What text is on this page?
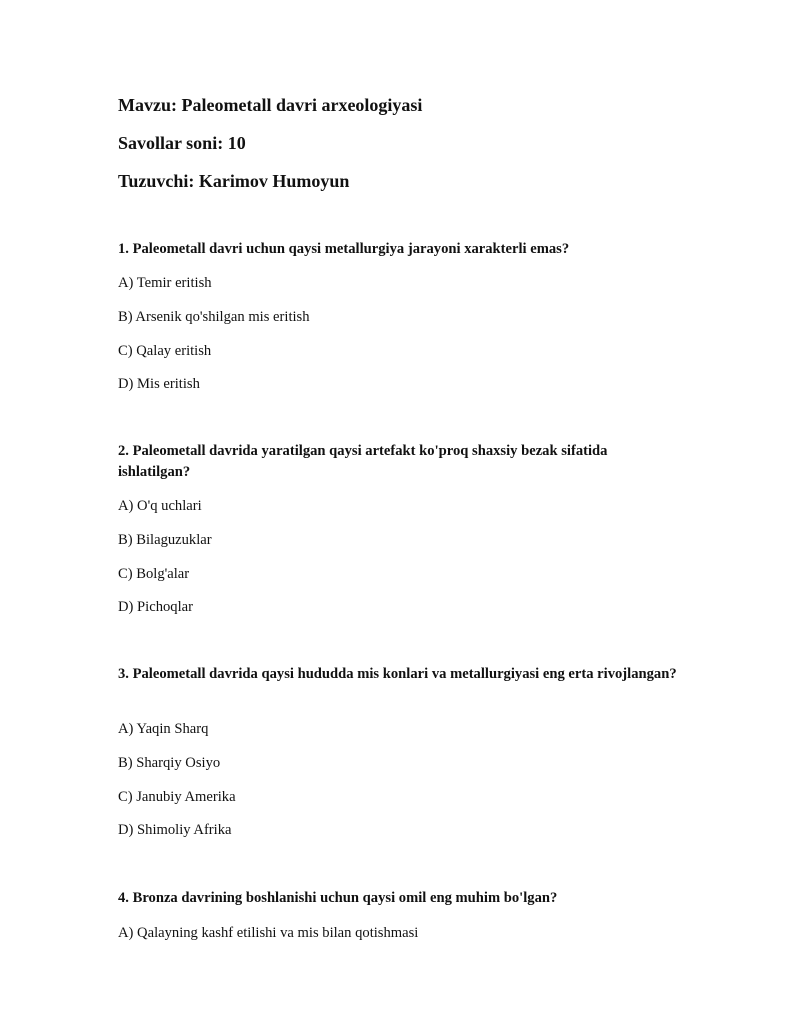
Mavzu: Paleometall davri arxeologiyasi

Savollar soni: 10

Tuzuvchi: Karimov Humoyun

1. Paleometall davri uchun qaysi metallurgiya jarayoni xarakterli emas?

A) Temir eritish

B) Arsenik qo'shilgan mis eritish

C) Qalay eritish

D) Mis eritish

2. Paleometall davrida yaratilgan qaysi artefakt ko'proq shaxsiy bezak sifatida ishlatilgan?

A) O'q uchlari

B) Bilaguzuklar

C) Bolg'alar

D) Pichoqlar

3. Paleometall davrida qaysi hududda mis konlari va metallurgiyasi eng erta rivojlangan?

A) Yaqin Sharq

B) Sharqiy Osiyo

C) Janubiy Amerika

D) Shimoliy Afrika

4. Bronza davrining boshlanishi uchun qaysi omil eng muhim bo'lgan?

A) Qalayning kashf etilishi va mis bilan qotishmasi
